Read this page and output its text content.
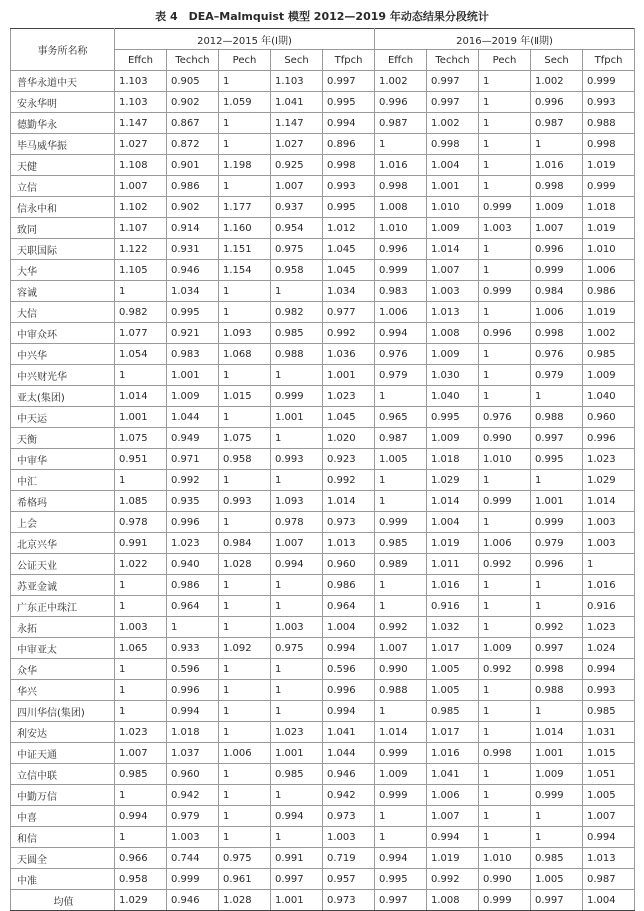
表 4　DEA–Malmquist 模型 2012—2019 年动态结果分段统计
事务所名称	2012—2015 年(Ⅰ期)					2016—2019 年(Ⅱ期)				
	Effch	Techch	Pech	Sech	Tfpch	Effch	Techch	Pech	Sech	Tfpch
普华永道中天	1.103	0.905	1	1.103	0.997	1.002	0.997	1	1.002	0.999
安永华明	1.103	0.902	1.059	1.041	0.995	0.996	0.997	1	0.996	0.993
德勤华永	1.147	0.867	1	1.147	0.994	0.987	1.002	1	0.987	0.988
毕马威华振	1.027	0.872	1	1.027	0.896	1	0.998	1	1	0.998
天健	1.108	0.901	1.198	0.925	0.998	1.016	1.004	1	1.016	1.019
立信	1.007	0.986	1	1.007	0.993	0.998	1.001	1	0.998	0.999
信永中和	1.102	0.902	1.177	0.937	0.995	1.008	1.010	0.999	1.009	1.018
致同	1.107	0.914	1.160	0.954	1.012	1.010	1.009	1.003	1.007	1.019
天职国际	1.122	0.931	1.151	0.975	1.045	0.996	1.014	1	0.996	1.010
大华	1.105	0.946	1.154	0.958	1.045	0.999	1.007	1	0.999	1.006
容诚	1	1.034	1	1	1.034	0.983	1.003	0.999	0.984	0.986
大信	0.982	0.995	1	0.982	0.977	1.006	1.013	1	1.006	1.019
中审众环	1.077	0.921	1.093	0.985	0.992	0.994	1.008	0.996	0.998	1.002
中兴华	1.054	0.983	1.068	0.988	1.036	0.976	1.009	1	0.976	0.985
中兴财光华	1	1.001	1	1	1.001	0.979	1.030	1	0.979	1.009
亚太(集团)	1.014	1.009	1.015	0.999	1.023	1	1.040	1	1	1.040
中天运	1.001	1.044	1	1.001	1.045	0.965	0.995	0.976	0.988	0.960
天衡	1.075	0.949	1.075	1	1.020	0.987	1.009	0.990	0.997	0.996
中审华	0.951	0.971	0.958	0.993	0.923	1.005	1.018	1.010	0.995	1.023
中汇	1	0.992	1	1	0.992	1	1.029	1	1	1.029
希格玛	1.085	0.935	0.993	1.093	1.014	1	1.014	0.999	1.001	1.014
上会	0.978	0.996	1	0.978	0.973	0.999	1.004	1	0.999	1.003
北京兴华	0.991	1.023	0.984	1.007	1.013	0.985	1.019	1.006	0.979	1.003
公证天业	1.022	0.940	1.028	0.994	0.960	0.989	1.011	0.992	0.996	1
苏亚金诚	1	0.986	1	1	0.986	1	1.016	1	1	1.016
广东正中珠江	1	0.964	1	1	0.964	1	0.916	1	1	0.916
永拓	1.003	1	1	1.003	1.004	0.992	1.032	1	0.992	1.023
中审亚太	1.065	0.933	1.092	0.975	0.994	1.007	1.017	1.009	0.997	1.024
众华	1	0.596	1	1	0.596	0.990	1.005	0.992	0.998	0.994
华兴	1	0.996	1	1	0.996	0.988	1.005	1	0.988	0.993
四川华信(集团)	1	0.994	1	1	0.994	1	0.985	1	1	0.985
利安达	1.023	1.018	1	1.023	1.041	1.014	1.017	1	1.014	1.031
中证天通	1.007	1.037	1.006	1.001	1.044	0.999	1.016	0.998	1.001	1.015
立信中联	0.985	0.960	1	0.985	0.946	1.009	1.041	1	1.009	1.051
中勤万信	1	0.942	1	1	0.942	0.999	1.006	1	0.999	1.005
中喜	0.994	0.979	1	0.994	0.973	1	1.007	1	1	1.007
和信	1	1.003	1	1	1.003	1	0.994	1	1	0.994
天圆全	0.966	0.744	0.975	0.991	0.719	0.994	1.019	1.010	0.985	1.013
中准	0.958	0.999	0.961	0.997	0.957	0.995	0.992	0.990	1.005	0.987
均值	1.029	0.946	1.028	1.001	0.973	0.997	1.008	0.999	0.997	1.004
